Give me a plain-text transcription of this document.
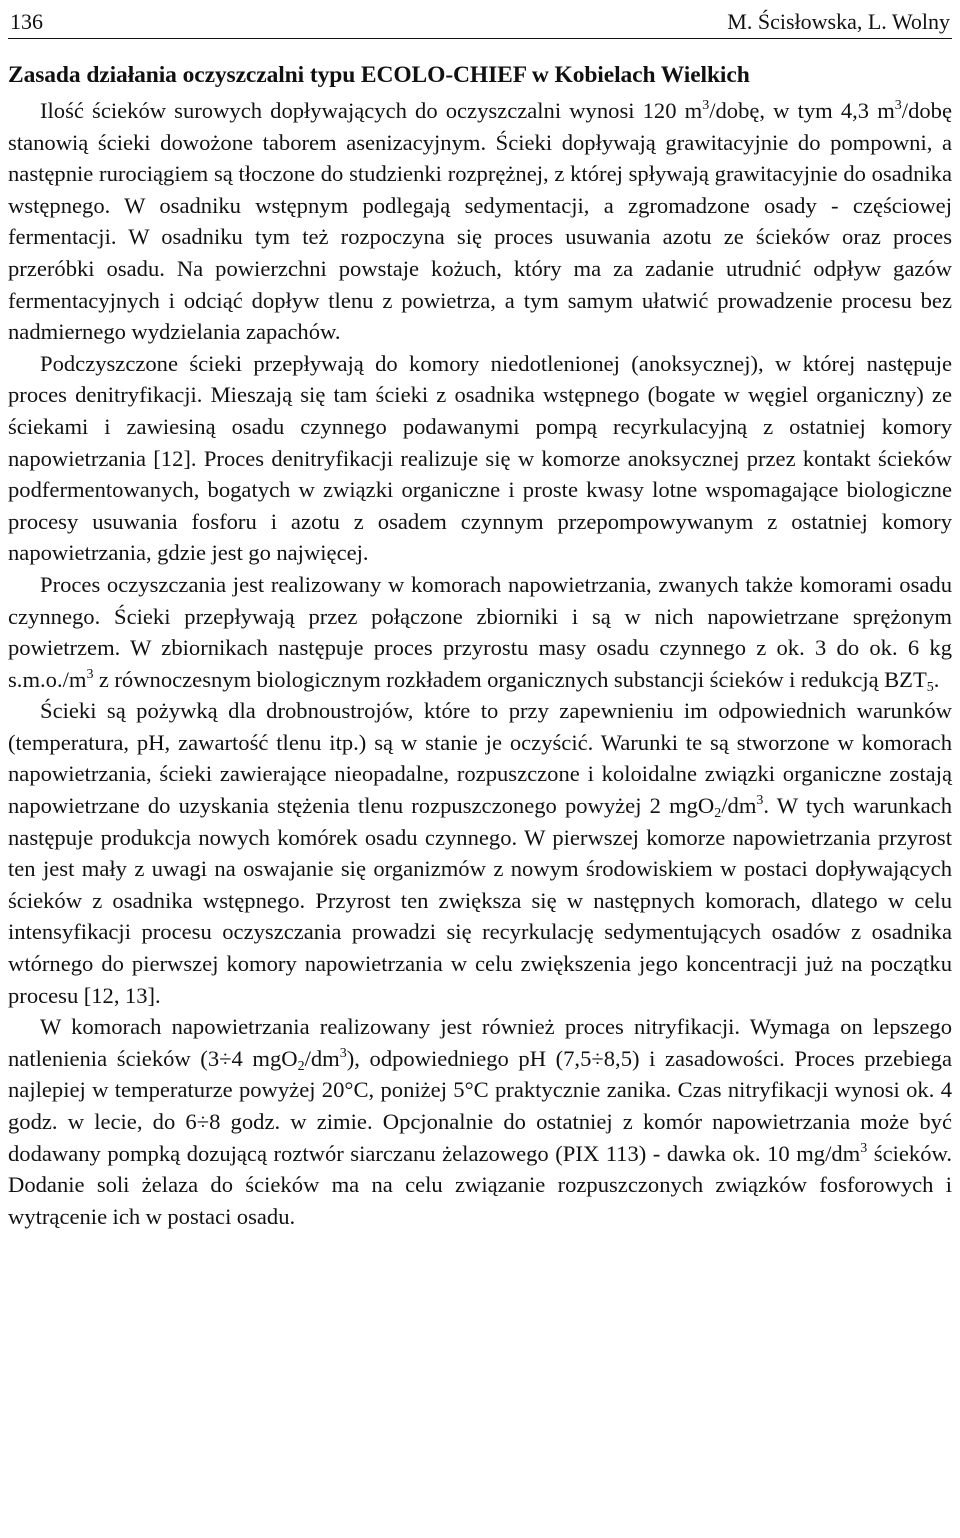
136	M. Ścisłowska, L. Wolny
Zasada działania oczyszczalni typu ECOLO-CHIEF w Kobielach Wielkich

Ilość ścieków surowych dopływających do oczyszczalni wynosi 120 $m^3$/dobę, w tym 4,3 $m^3$/dobę stanowią ścieki dowożone taborem asenizacyjnym. Ścieki dopływają grawitacyjnie do pompowni, a następnie rurociągiem są tłoczone do studzienki rozprężnej, z której spływają grawitacyjnie do osadnika wstępnego. W osadniku wstępnym podlegają sedymentacji, a zgromadzone osady - częściowej fermentacji. W osadniku tym też rozpoczyna się proces usuwania azotu ze ścieków oraz proces przeróbki osadu. Na powierzchni powstaje kożuch, który ma za zadanie utrudnić odpływ gazów fermentacyjnych i odciąć dopływ tlenu z powietrza, a tym samym ułatwić prowadzenie procesu bez nadmiernego wydzielania zapachów.

Podczyszczone ścieki przepływają do komory niedotlenionej (anoksycznej), w której następuje proces denitryfikacji. Mieszają się tam ścieki z osadnika wstępnego (bogate w węgiel organiczny) ze ściekami i zawiesiną osadu czynnego podawanymi pompą recyrkulacyjną z ostatniej komory napowietrzania [12]. Proces denitryfikacji realizuje się w komorze anoksycznej przez kontakt ścieków podfermentowanych, bogatych w związki organiczne i proste kwasy lotne wspomagające biologiczne procesy usuwania fosforu i azotu z osadem czynnym przepompowywanym z ostatniej komory napowietrzania, gdzie jest go najwięcej.

Proces oczyszczania jest realizowany w komorach napowietrzania, zwanych także komorami osadu czynnego. Ścieki przepływają przez połączone zbiorniki i są w nich napowietrzane sprężonym powietrzem. W zbiornikach następuje proces przyrostu masy osadu czynnego z ok. 3 do ok. 6 kg $s.m.o./m^3$ z równoczesnym biologicznym rozkładem organicznych substancji ścieków i redukcją $BZT_5$.

Ścieki są pożywką dla drobnoustrojów, które to przy zapewnieniu im odpowiednich warunków (temperatura, pH, zawartość tlenu itp.) są w stanie je oczyścić. Warunki te są stworzone w komorach napowietrzania, ścieki zawierające nieopadalne, rozpuszczone i koloidalne związki organiczne zostają napowietrzane do uzyskania stężenia tlenu rozpuszczonego powyżej 2 $mgO_2/dm^3$. W tych warunkach następuje produkcja nowych komórek osadu czynnego. W pierwszej komorze napowietrzania przyrost ten jest mały z uwagi na oswajanie się organizmów z nowym środowiskiem w postaci dopływających ścieków z osadnika wstępnego. Przyrost ten zwiększa się w następnych komorach, dlatego w celu intensyfikacji procesu oczyszczania prowadzi się recyrkulację sedymentujących osadów z osadnika wtórnego do pierwszej komory napowietrzania w celu zwiększenia jego koncentracji już na początku procesu [12, 13].

W komorach napowietrzania realizowany jest również proces nitryfikacji. Wymaga on lepszego natlenienia ścieków (3÷4 $mgO_2/dm^3$), odpowiedniego pH (7,5÷8,5) i zasadowości. Proces przebiega najlepiej w temperaturze powyżej 20°C, poniżej 5°C praktycznie zanika. Czas nitryfikacji wynosi ok. 4 godz. w lecie, do 6÷8 godz. w zimie. Opcjonalnie do ostatniej z komór napowietrzania może być dodawany pompką dozującą roztwór siarczanu żelazowego (PIX 113) - dawka ok. 10 $mg/dm^3$ ścieków. Dodanie soli żelaza do ścieków ma na celu związanie rozpuszczonych związków fosforowych i wytrącenie ich w postaci osadu.
